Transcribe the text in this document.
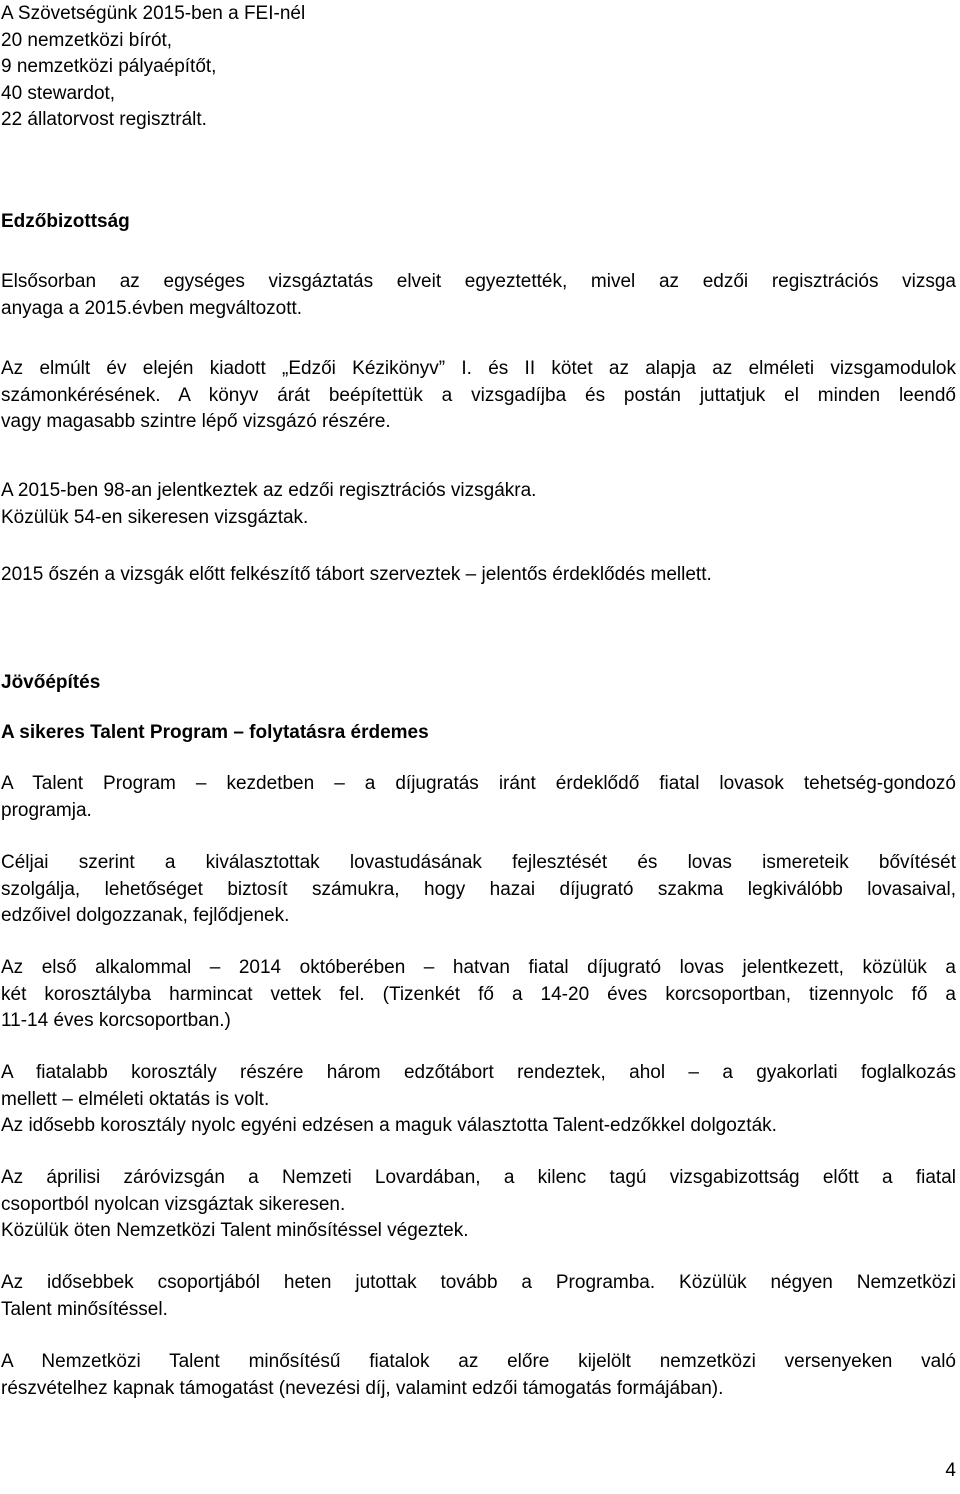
A Szövetségünk 2015-ben a FEI-nél
20 nemzetközi bírót,
9 nemzetközi pályaépítőt,
40 stewardot,
22 állatorvost regisztrált.
Edzőbizottság
Elsősorban az egységes vizsgáztatás elveit egyeztették, mivel az edzői regisztrációs vizsga
anyaga a 2015.évben megváltozott.
Az elmúlt év elején kiadott „Edzői Kézikönyv” I. és II kötet az alapja az elméleti vizsgamodulok
számonkérésének. A könyv árát beépítettük a vizsgadíjba és postán juttatjuk el minden leendő
vagy magasabb szintre lépő vizsgázó részére.
A 2015-ben 98-an jelentkeztek az edzői regisztrációs vizsgákra.
Közülük 54-en sikeresen vizsgáztak.
2015 őszén a vizsgák előtt felkészítő tábort szerveztek – jelentős érdeklődés mellett.
Jövőépítés
A sikeres Talent Program – folytatásra érdemes
A Talent Program – kezdetben – a díjugratás iránt érdeklődő fiatal lovasok tehetség-gondozó
programja.
Céljai szerint a kiválasztottak lovastudásának fejlesztését és lovas ismereteik bővítését
szolgálja, lehetőséget biztosít számukra, hogy hazai díjugrató szakma legkiválóbb lovasaival,
edzőivel dolgozzanak, fejlődjenek.
Az első alkalommal – 2014 októberében – hatvan fiatal díjugrató lovas jelentkezett, közülük a
két korosztályba harmincat vettek fel. (Tizenkét fő a 14-20 éves korcsoportban, tizennyolc fő a
11-14 éves korcsoportban.)
A fiatalabb korosztály részére három edzőtábort rendeztek, ahol – a gyakorlati foglalkozás
mellett – elméleti oktatás is volt.
Az idősebb korosztály nyolc egyéni edzésen a maguk választotta Talent-edzőkkel dolgozták.
Az áprilisi záróvizsgán a Nemzeti Lovardában, a kilenc tagú vizsgabizottság előtt a fiatal
csoportból nyolcan vizsgáztak sikeresen.
Közülük öten Nemzetközi Talent minősítéssel végeztek.
Az idősebbek csoportjából heten jutottak tovább a Programba. Közülük négyen Nemzetközi
Talent minősítéssel.
A Nemzetközi Talent minősítésű fiatalok az előre kijelölt nemzetközi versenyeken való
részvételhez kapnak támogatást (nevezési díj, valamint edzői támogatás formájában).
4
